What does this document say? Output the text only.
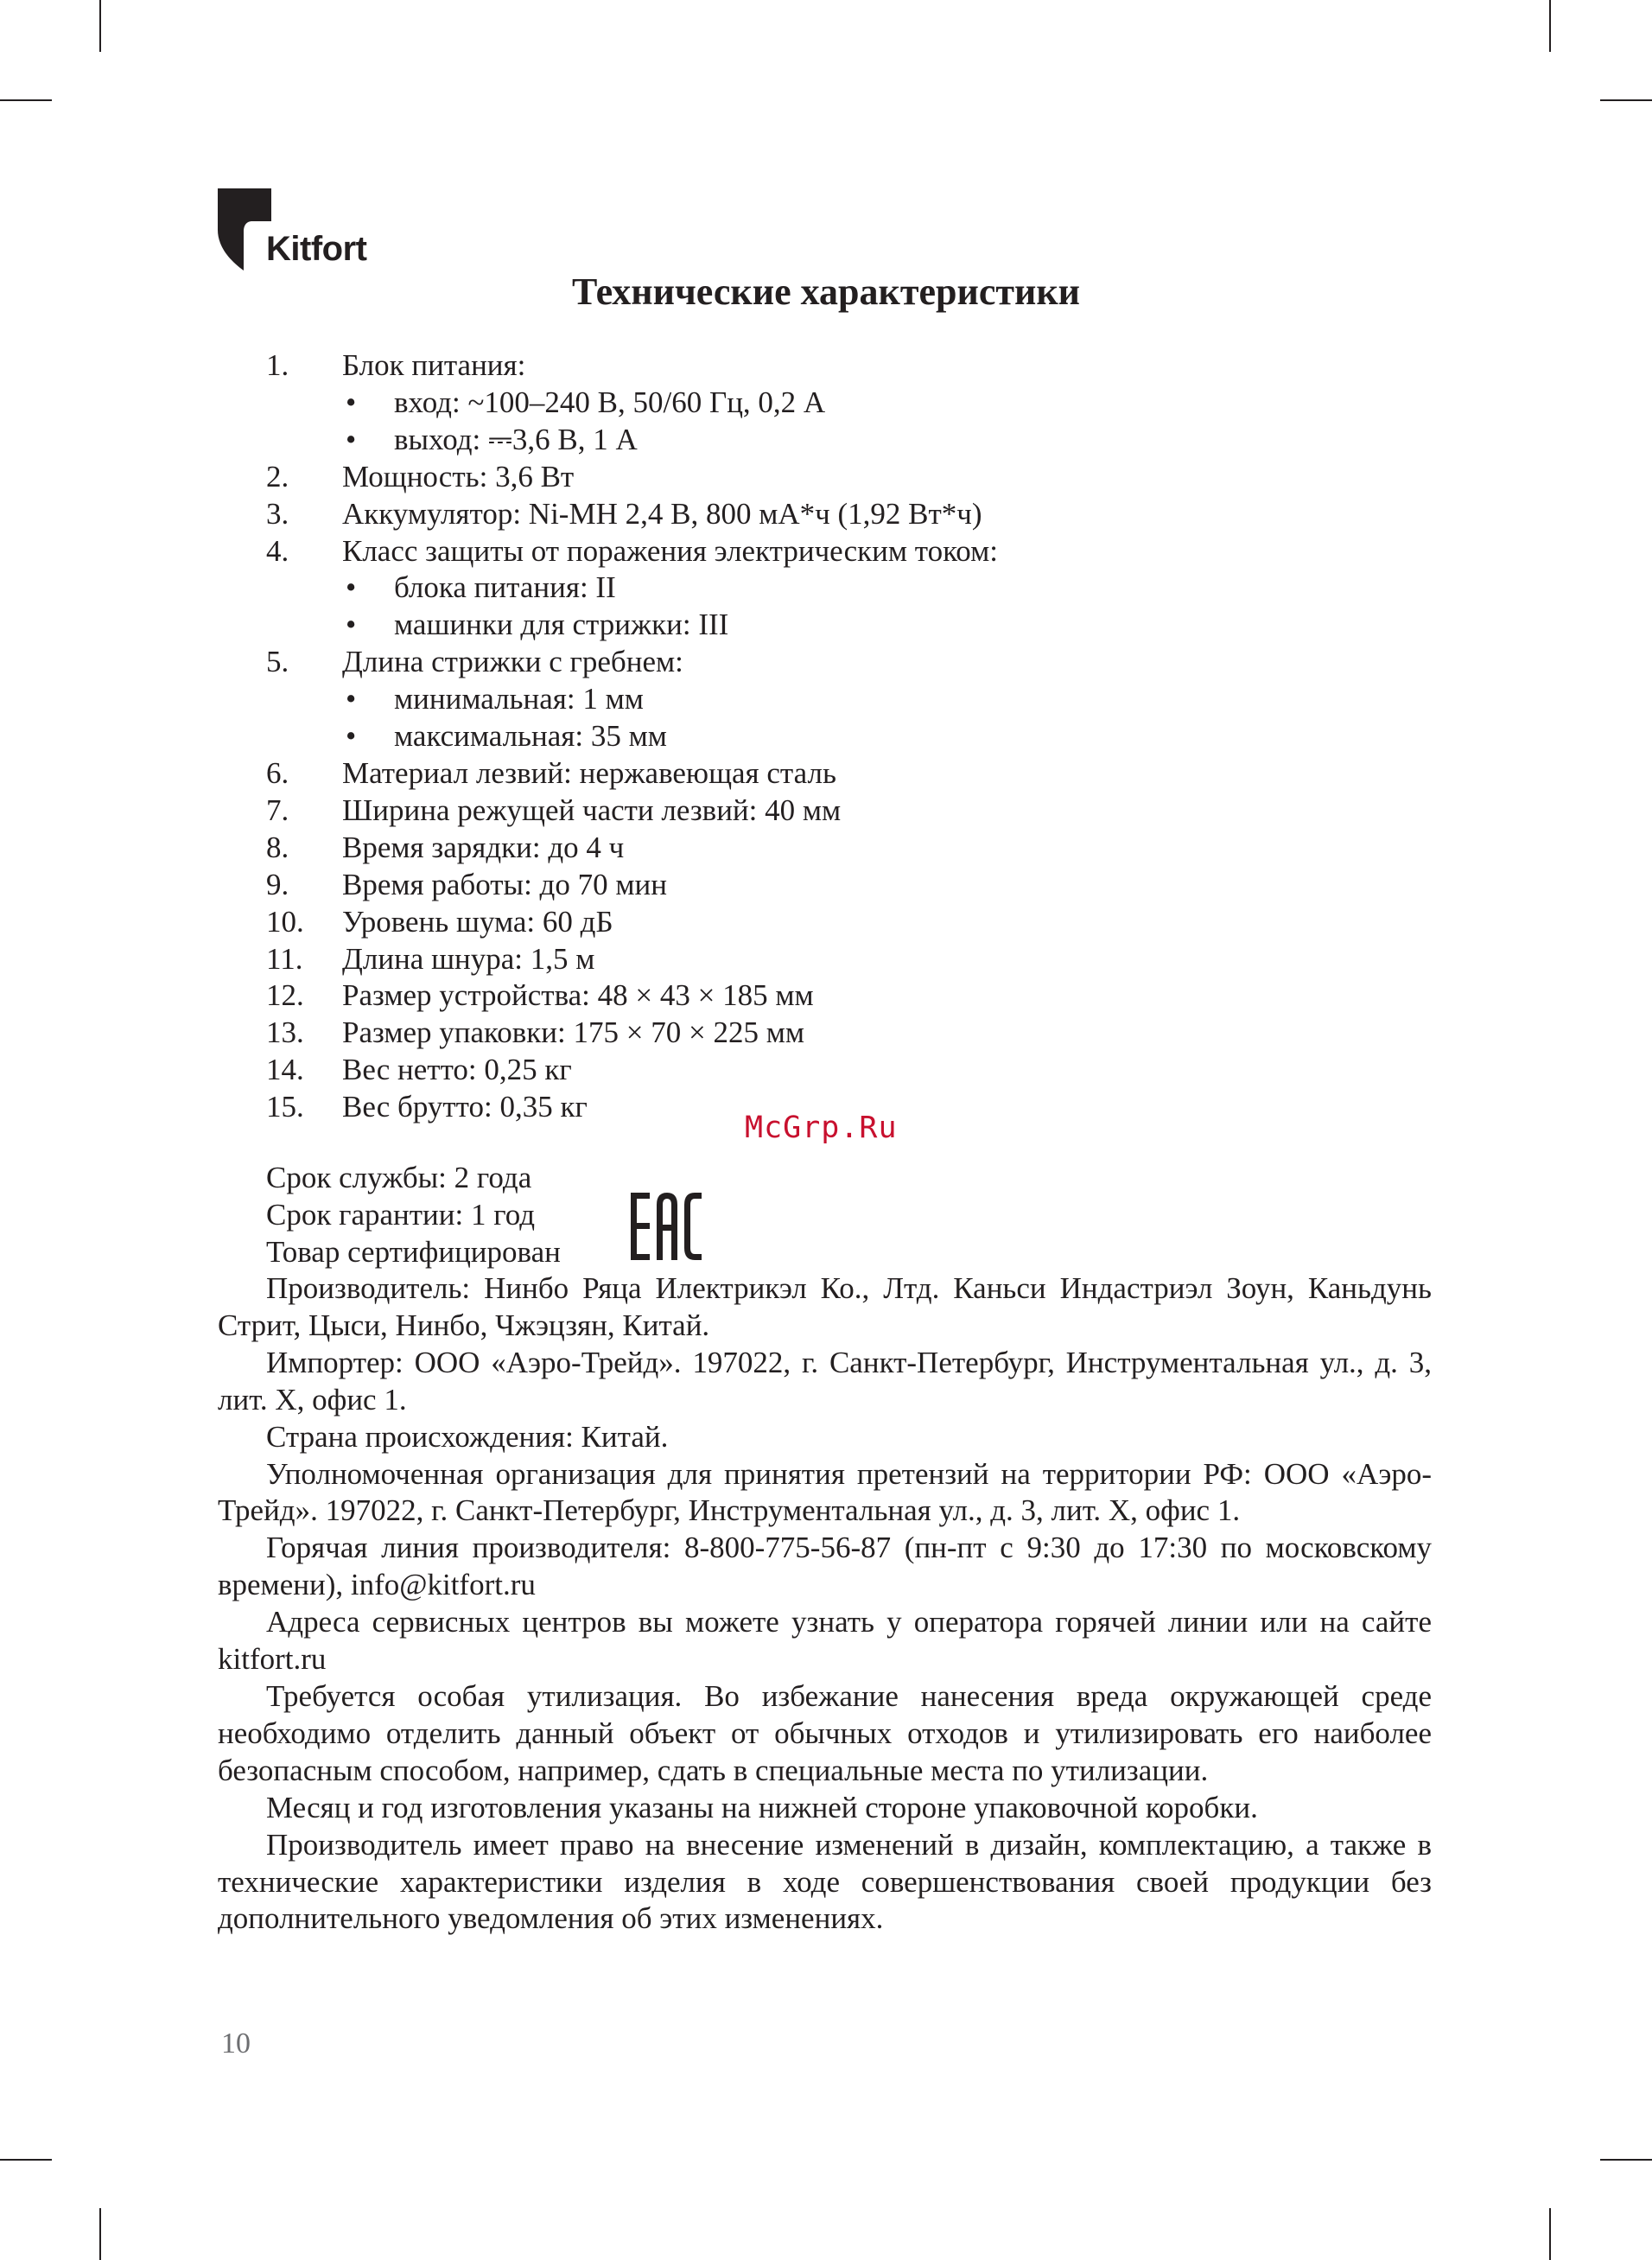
Kitfort
Технические характеристики
1. Блок питания:
• вход: ~100–240 В, 50/60 Гц, 0,2 А
• выход: ⎓3,6 В, 1 А
2. Мощность: 3,6 Вт
3. Аккумулятор: Ni-MH 2,4 В, 800 мА*ч (1,92 Вт*ч)
4. Класс защиты от поражения электрическим током:
• блока питания: II
• машинки для стрижки: III
5. Длина стрижки с гребнем:
• минимальная: 1 мм
• максимальная: 35 мм
6. Материал лезвий: нержавеющая сталь
7. Ширина режущей части лезвий: 40 мм
8. Время зарядки: до 4 ч
9. Время работы: до 70 мин
10. Уровень шума: 60 дБ
11. Длина шнура: 1,5 м
12. Размер устройства: 48 × 43 × 185 мм
13. Размер упаковки: 175 × 70 × 225 мм
14. Вес нетто: 0,25 кг
15. Вес брутто: 0,35 кг
McGrp.Ru
Срок службы: 2 года
Срок гарантии: 1 год
Товар сертифицирован

Производитель: Нинбо Ряца Илектрикэл Ко., Лтд. Каньси Индастриэл Зоун, Каньдунь Стрит, Цыси, Нинбо, Чжэцзян, Китай.

Импортер: ООО «Аэро-Трейд». 197022, г. Санкт-Петербург, Инструментальная ул., д. 3, лит. Х, офис 1.

Страна происхождения: Китай.

Уполномоченная организация для принятия претензий на территории РФ: ООО «Аэро-Трейд». 197022, г. Санкт-Петербург, Инструментальная ул., д. 3, лит. Х, офис 1.

Горячая линия производителя: 8-800-775-56-87 (пн-пт с 9:30 до 17:30 по московскому времени), info@kitfort.ru

Адреса сервисных центров вы можете узнать у оператора горячей линии или на сайте kitfort.ru

Требуется особая утилизация. Во избежание нанесения вреда окружающей среде необходимо отделить данный объект от обычных отходов и утилизировать его наиболее безопасным способом, например, сдать в специальные места по утилизации.

Месяц и год изготовления указаны на нижней стороне упаковочной коробки.

Производитель имеет право на внесение изменений в дизайн, комплектацию, а также в технические характеристики изделия в ходе совершенствования своей продукции без дополнительного уведомления об этих изменениях.

10
